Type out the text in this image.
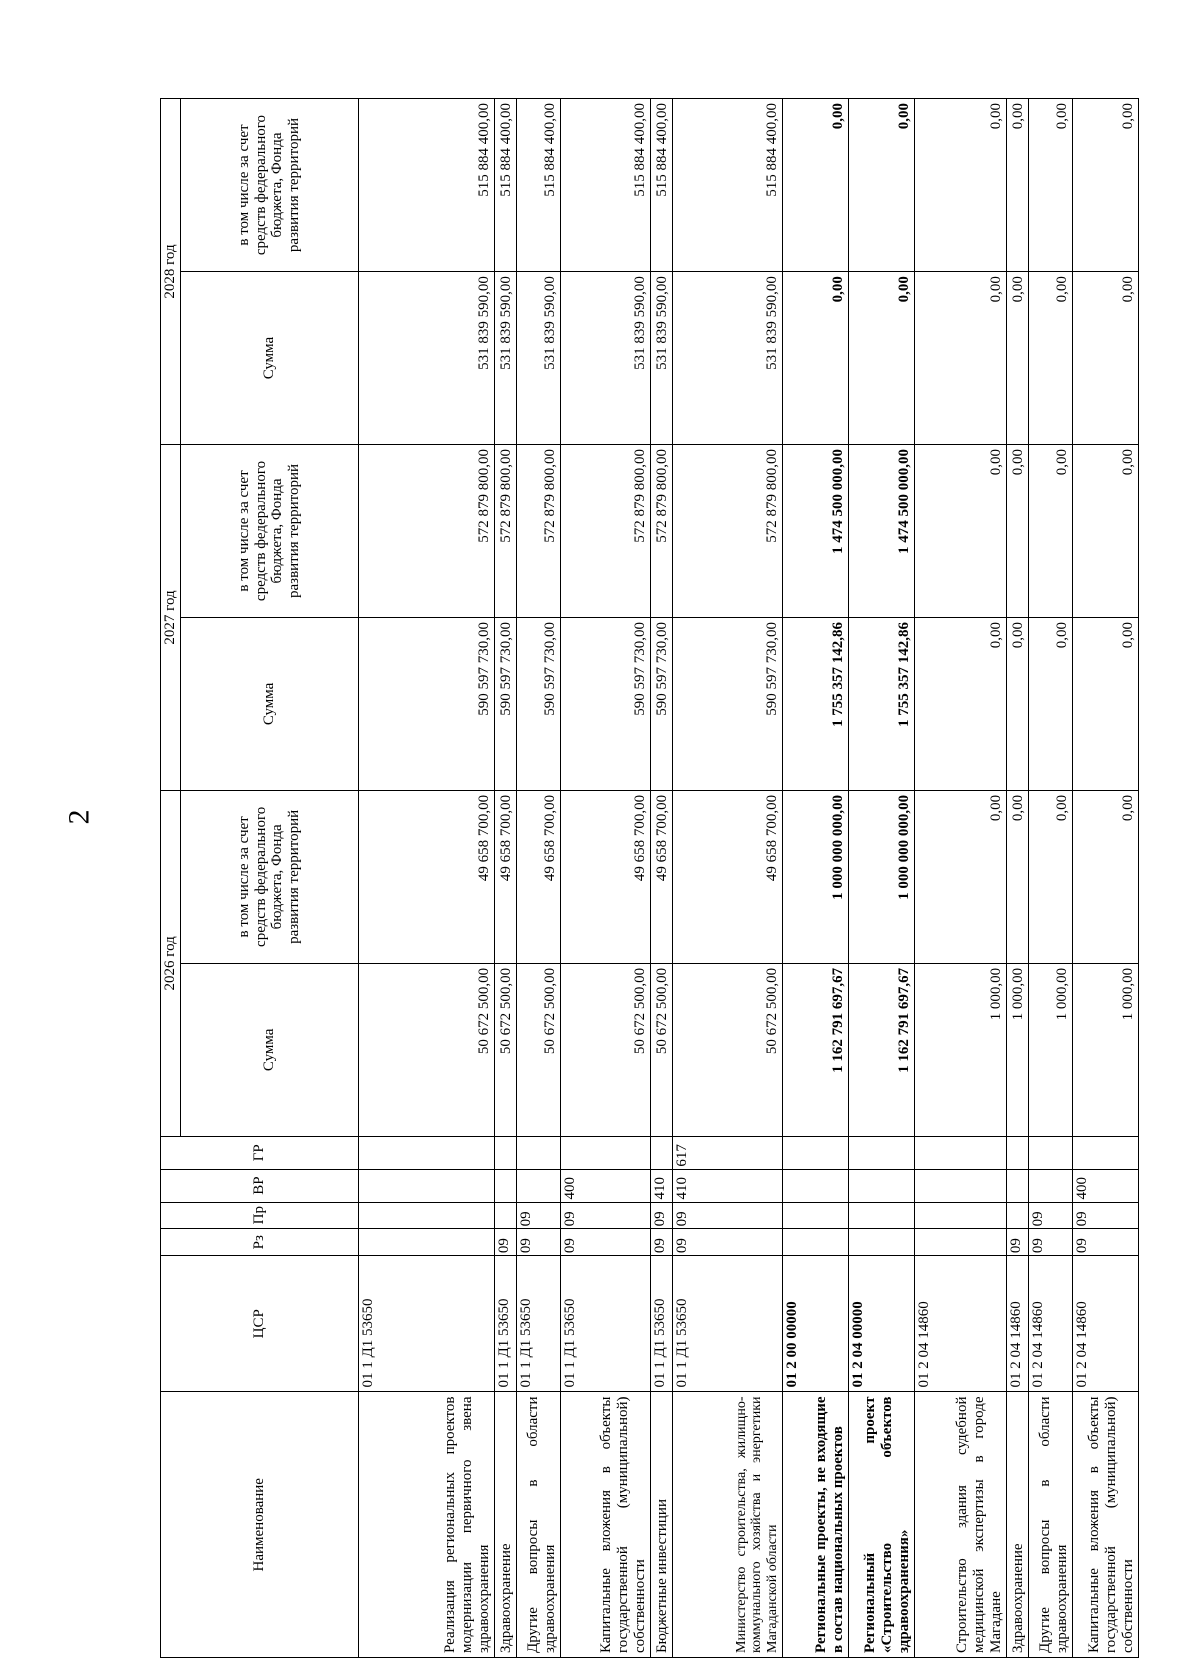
2
Наименование	ЦСР	Рз	Пр	ВР	ГР	2026 год		2027 год		2028 год	
						Сумма	в том числе за счет средств федерального бюджета, Фонда развития территорий	Сумма	в том числе за счет средств федерального бюджета, Фонда развития территорий	Сумма	в том числе за счет средств федерального бюджета, Фонда развития территорий
Реализация региональных проектов модернизации первичного звена здравоохранения	01 1 Д1 53650					50 672 500,00	49 658 700,00	590 597 730,00	572 879 800,00	531 839 590,00	515 884 400,00
Здравоохранение	01 1 Д1 53650	09				50 672 500,00	49 658 700,00	590 597 730,00	572 879 800,00	531 839 590,00	515 884 400,00
Другие вопросы в области здравоохранения	01 1 Д1 53650	09	09			50 672 500,00	49 658 700,00	590 597 730,00	572 879 800,00	531 839 590,00	515 884 400,00
Капитальные вложения в объекты государственной (муниципальной) собственности	01 1 Д1 53650	09	09	400		50 672 500,00	49 658 700,00	590 597 730,00	572 879 800,00	531 839 590,00	515 884 400,00
Бюджетные инвестиции	01 1 Д1 53650	09	09	410		50 672 500,00	49 658 700,00	590 597 730,00	572 879 800,00	531 839 590,00	515 884 400,00
Министерство строительства, жилищно-коммунального хозяйства и энергетики Магаданской области	01 1 Д1 53650	09	09	410	617	50 672 500,00	49 658 700,00	590 597 730,00	572 879 800,00	531 839 590,00	515 884 400,00
Региональные проекты, не входящие в состав национальных проектов	01 2 00 00000					1 162 791 697,67	1 000 000 000,00	1 755 357 142,86	1 474 500 000,00	0,00	0,00
Региональный проект «Строительство объектов здравоохранения»	01 2 04 00000					1 162 791 697,67	1 000 000 000,00	1 755 357 142,86	1 474 500 000,00	0,00	0,00
Строительство здания судебной медицинской экспертизы в городе Магадане	01 2 04 14860					1 000,00	0,00	0,00	0,00	0,00	0,00
Здравоохранение	01 2 04 14860	09				1 000,00	0,00	0,00	0,00	0,00	0,00
Другие вопросы в области здравоохранения	01 2 04 14860	09	09			1 000,00	0,00	0,00	0,00	0,00	0,00
Капитальные вложения в объекты государственной (муниципальной) собственности	01 2 04 14860	09	09	400		1 000,00	0,00	0,00	0,00	0,00	0,00
